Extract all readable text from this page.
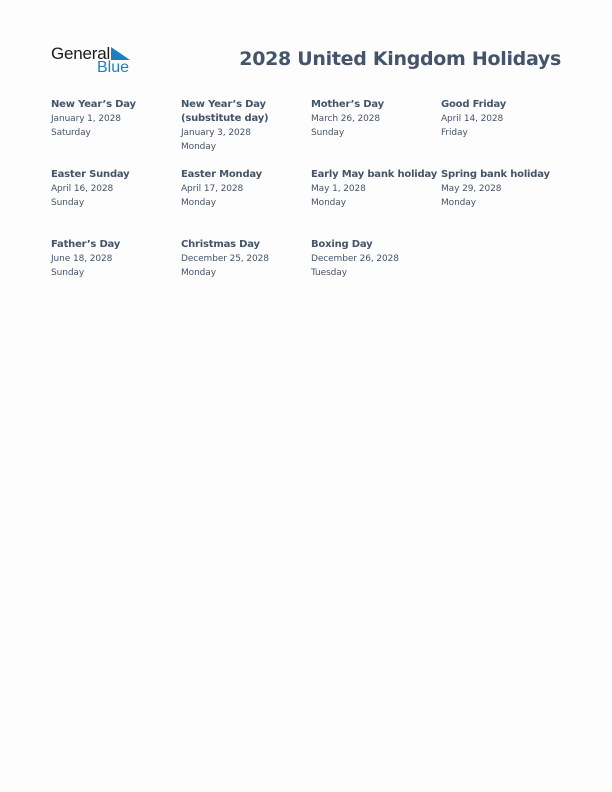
General
Blue	2028 United Kingdom Holidays
New Year’s Day
January 1, 2028
Saturday
New Year’s Day
(substitute day)
January 3, 2028
Monday
Mother’s Day
March 26, 2028
Sunday
Good Friday
April 14, 2028
Friday
Easter Sunday
April 16, 2028
Sunday
Easter Monday
April 17, 2028
Monday
Early May bank holiday
May 1, 2028
Monday
Spring bank holiday
May 29, 2028
Monday
Father’s Day
June 18, 2028
Sunday
Christmas Day
December 25, 2028
Monday
Boxing Day
December 26, 2028
Tuesday
